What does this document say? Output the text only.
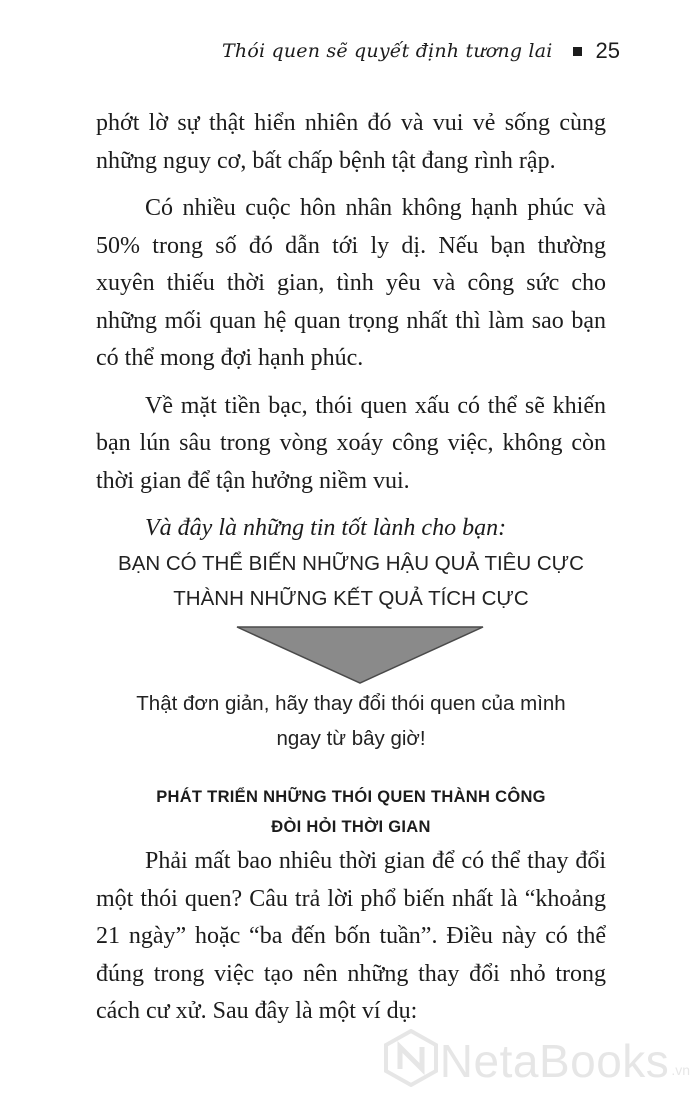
Thói quen sẽ quyết định tương lai 25

phớt lờ sự thật hiển nhiên đó và vui vẻ sống cùng những nguy cơ, bất chấp bệnh tật đang rình rập.

Có nhiều cuộc hôn nhân không hạnh phúc và 50% trong số đó dẫn tới ly dị. Nếu bạn thường xuyên thiếu thời gian, tình yêu và công sức cho những mối quan hệ quan trọng nhất thì làm sao bạn có thể mong đợi hạnh phúc.

Về mặt tiền bạc, thói quen xấu có thể sẽ khiến bạn lún sâu trong vòng xoáy công việc, không còn thời gian để tận hưởng niềm vui.

Và đây là những tin tốt lành cho bạn:

BẠN CÓ THỂ BIẾN NHỮNG HẬU QUẢ TIÊU CỰC
THÀNH NHỮNG KẾT QUẢ TÍCH CỰC
Thật đơn giản, hãy thay đổi thói quen của mình
ngay từ bây giờ!
PHÁT TRIỂN NHỮNG THÓI QUEN THÀNH CÔNG
ĐÒI HỎI THỜI GIAN

Phải mất bao nhiêu thời gian để có thể thay đổi một thói quen? Câu trả lời phổ biến nhất là “khoảng 21 ngày” hoặc “ba đến bốn tuần”. Điều này có thể đúng trong việc tạo nên những thay đổi nhỏ trong cách cư xử. Sau đây là một ví dụ:

NetaBooks .vn
